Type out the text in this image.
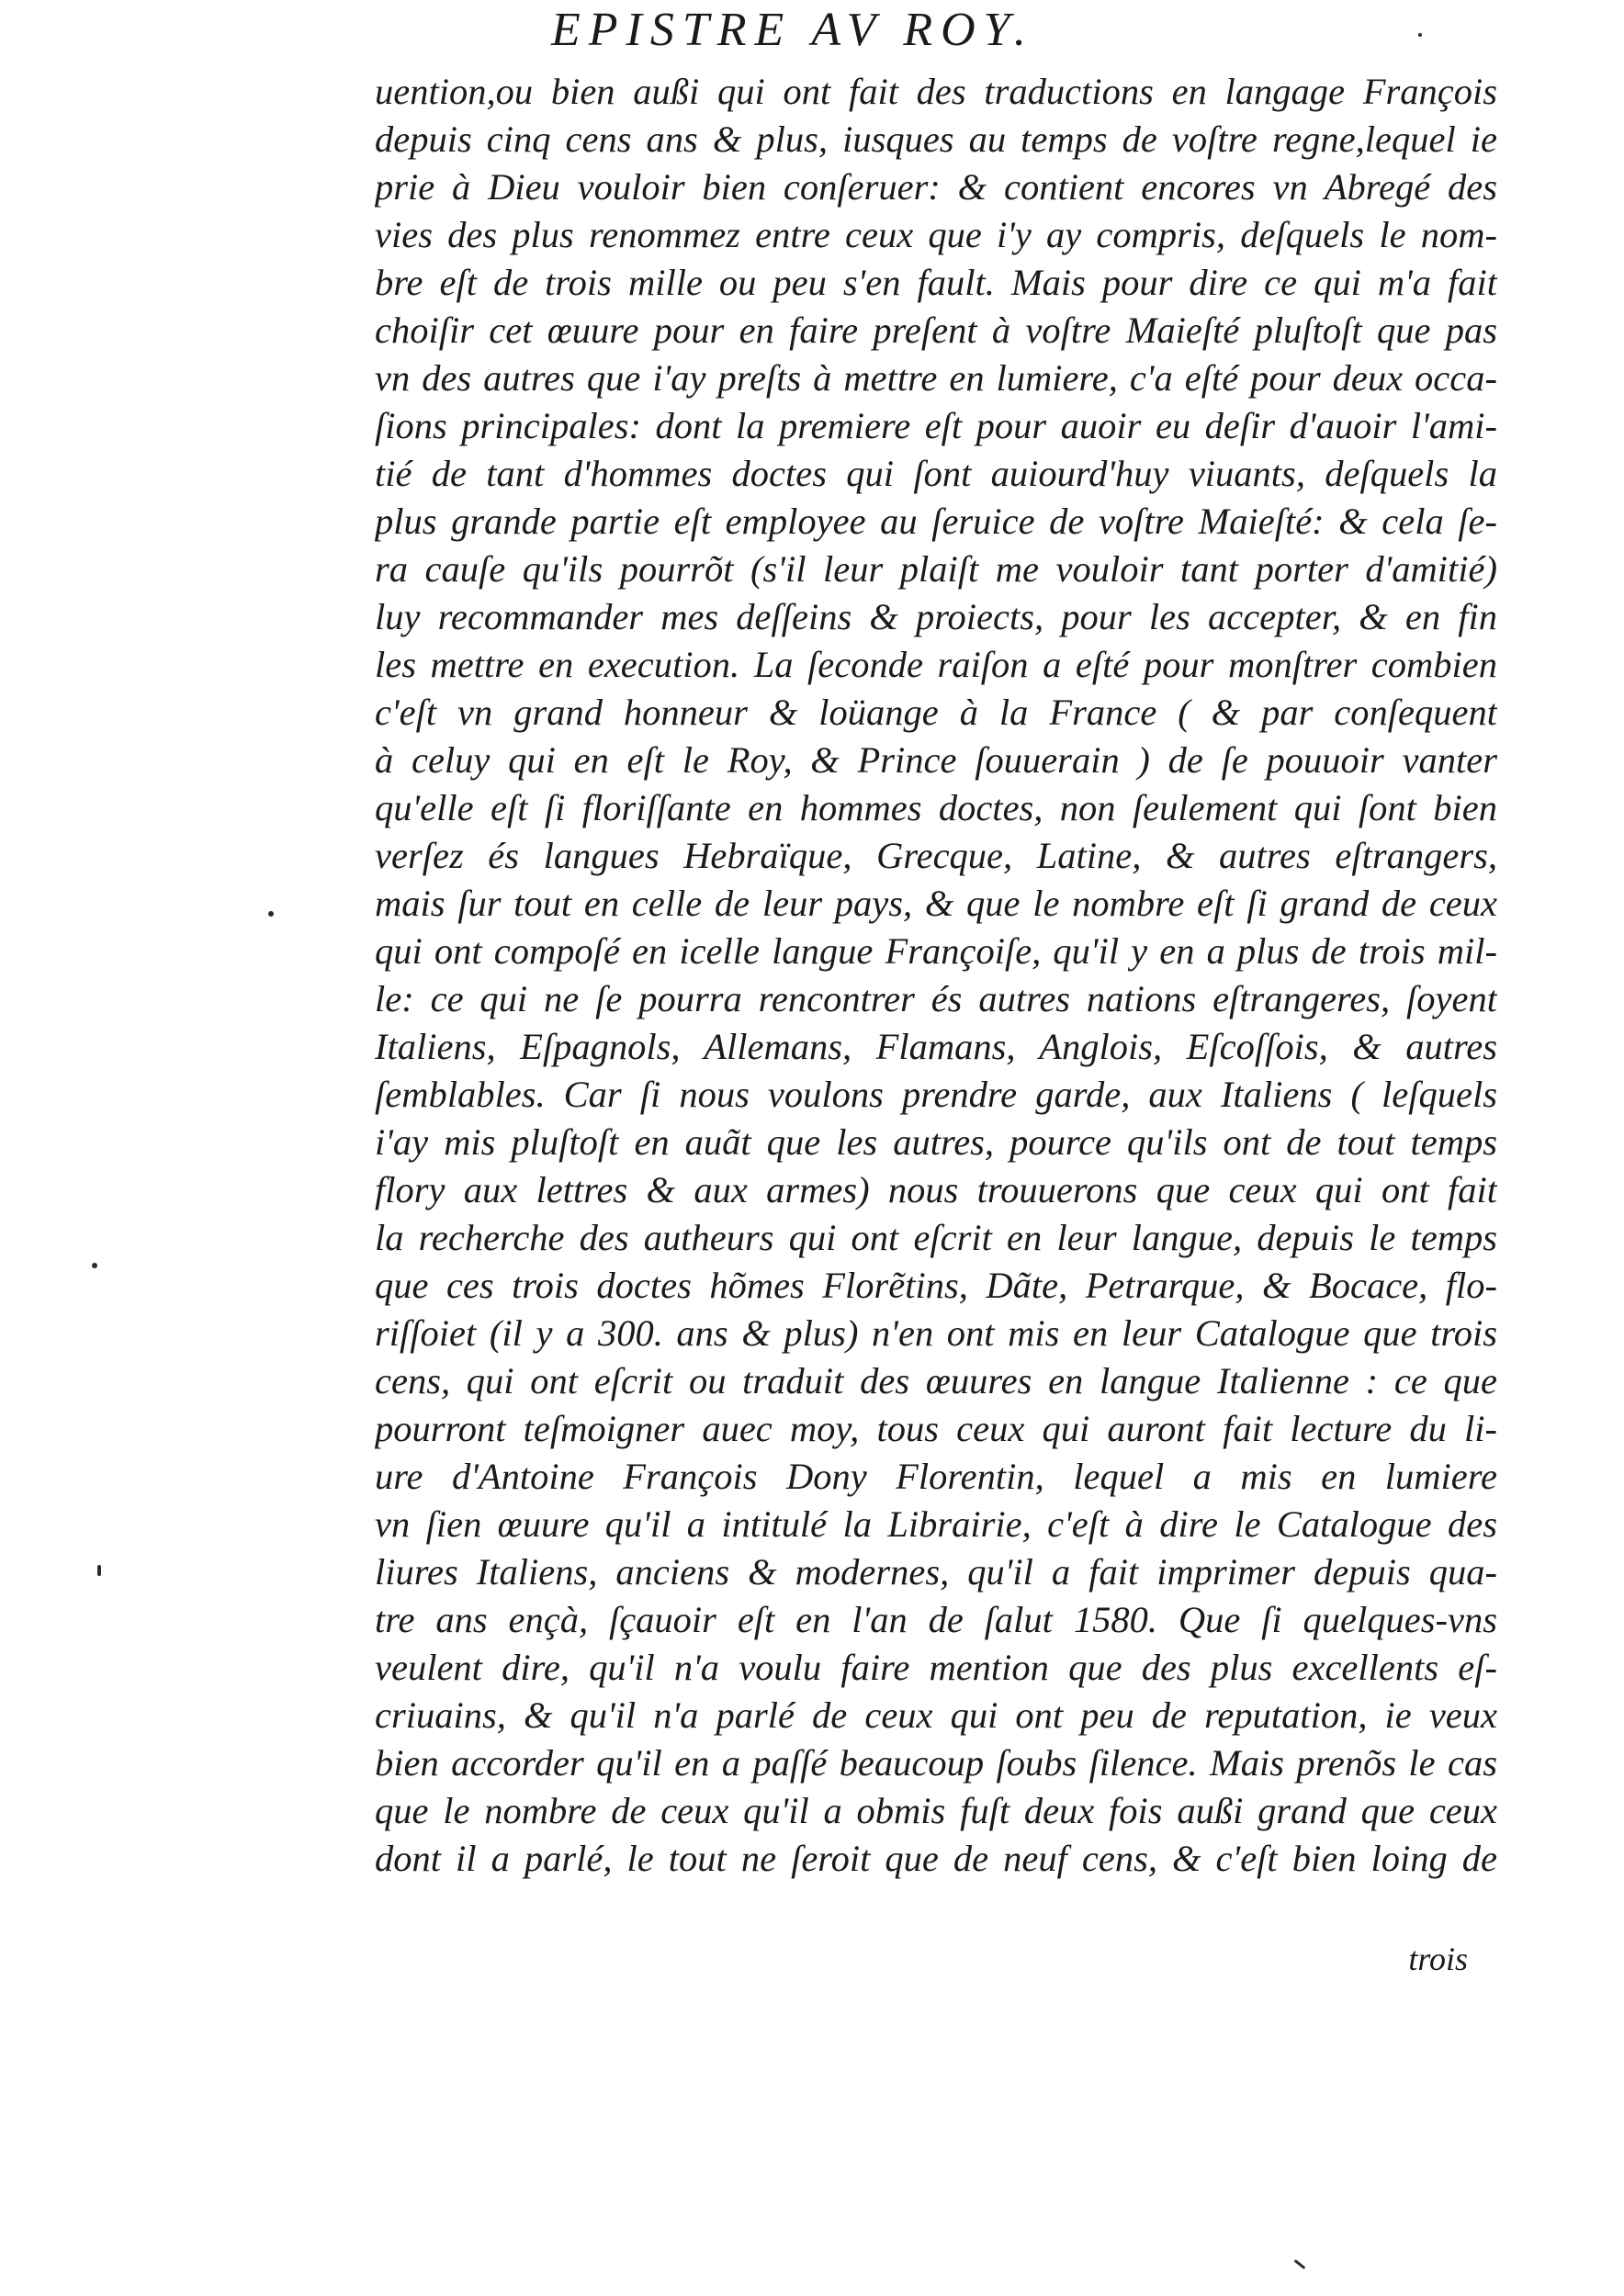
EPISTRE AV ROY.
uention,ou bien außi qui ont fait des traductions en langage François
depuis cinq cens ans & plus, iusques au temps de voſtre regne,lequel ie
prie à Dieu vouloir bien conſeruer: & contient encores vn Abregé des
vies des plus renommez entre ceux que i'y ay compris, deſquels le nom-
bre eſt de trois mille ou peu s'en fault. Mais pour dire ce qui m'a fait
choiſir cet œuure pour en faire preſent à voſtre Maieſté pluſtoſt que pas
vn des autres que i'ay preſts à mettre en lumiere, c'a eſté pour deux occa-
ſions principales: dont la premiere eſt pour auoir eu deſir d'auoir l'ami-
tié de tant d'hommes doctes qui ſont auiourd'huy viuants, deſquels la
plus grande partie eſt employee au ſeruice de voſtre Maieſté: & cela ſe-
ra cauſe qu'ils pourrõt (s'il leur plaiſt me vouloir tant porter d'amitié)
luy recommander mes deſſeins & proiects, pour les accepter, & en fin
les mettre en execution. La ſeconde raiſon a eſté pour monſtrer combien
c'eſt vn grand honneur & loüange à la France ( & par conſequent
à celuy qui en eſt le Roy, & Prince ſouuerain ) de ſe pouuoir vanter
qu'elle eſt ſi floriſſante en hommes doctes, non ſeulement qui ſont bien
verſez és langues Hebraïque, Grecque, Latine, & autres eſtrangers,
mais ſur tout en celle de leur pays, & que le nombre eſt ſi grand de ceux
qui ont compoſé en icelle langue Françoiſe, qu'il y en a plus de trois mil-
le: ce qui ne ſe pourra rencontrer és autres nations eſtrangeres, ſoyent
Italiens, Eſpagnols, Allemans, Flamans, Anglois, Eſcoſſois, & autres
ſemblables. Car ſi nous voulons prendre garde, aux Italiens ( leſquels
i'ay mis pluſtoſt en auãt que les autres, pource qu'ils ont de tout temps
flory aux lettres & aux armes) nous trouuerons que ceux qui ont fait
la recherche des autheurs qui ont eſcrit en leur langue, depuis le temps
que ces trois doctes hõmes Florẽtins, Dãte, Petrarque, & Bocace, flo-
riſſoiet (il y a 300. ans & plus) n'en ont mis en leur Catalogue que trois
cens, qui ont eſcrit ou traduit des œuures en langue Italienne : ce que
pourront teſmoigner auec moy, tous ceux qui auront fait lecture du li-
ure d'Antoine François Dony Florentin, lequel a mis en lumiere
vn ſien œuure qu'il a intitulé la Librairie, c'eſt à dire le Catalogue des
liures Italiens, anciens & modernes, qu'il a fait imprimer depuis qua-
tre ans ençà, ſçauoir eſt en l'an de ſalut 1580. Que ſi quelques-vns
veulent dire, qu'il n'a voulu faire mention que des plus excellents eſ-
criuains, & qu'il n'a parlé de ceux qui ont peu de reputation, ie veux
bien accorder qu'il en a paſſé beaucoup ſoubs ſilence. Mais prenõs le cas
que le nombre de ceux qu'il a obmis fuſt deux fois außi grand que ceux
dont il a parlé, le tout ne ſeroit que de neuf cens, & c'eſt bien loing de
trois
